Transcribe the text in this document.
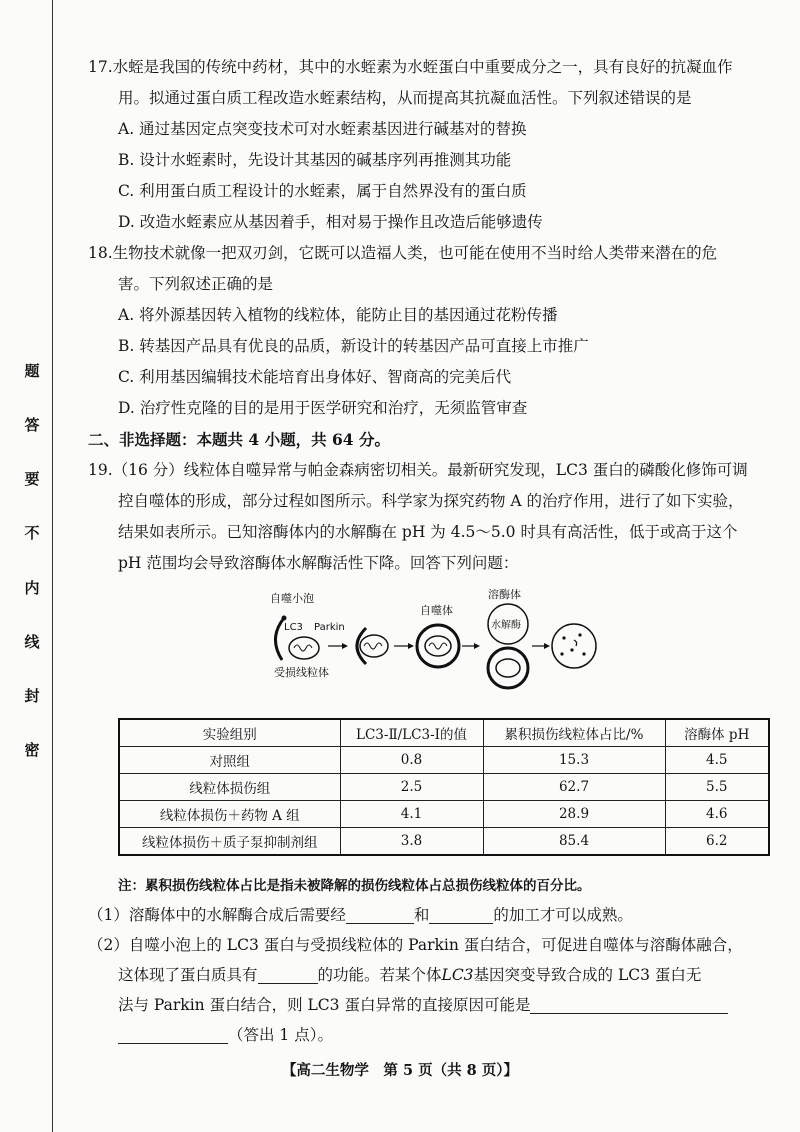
题
答
要
不
内
线
封
密
17.水蛭是我国的传统中药材，其中的水蛭素为水蛭蛋白中重要成分之一，具有良好的抗凝血作
用。拟通过蛋白质工程改造水蛭素结构，从而提高其抗凝血活性。下列叙述错误的是
A. 通过基因定点突变技术可对水蛭素基因进行碱基对的替换
B. 设计水蛭素时，先设计其基因的碱基序列再推测其功能
C. 利用蛋白质工程设计的水蛭素，属于自然界没有的蛋白质
D. 改造水蛭素应从基因着手，相对易于操作且改造后能够遗传
18.生物技术就像一把双刃剑，它既可以造福人类，也可能在使用不当时给人类带来潜在的危
害。下列叙述正确的是
A. 将外源基因转入植物的线粒体，能防止目的基因通过花粉传播
B. 转基因产品具有优良的品质，新设计的转基因产品可直接上市推广
C. 利用基因编辑技术能培育出身体好、智商高的完美后代
D. 治疗性克隆的目的是用于医学研究和治疗，无须监管审查
二、非选择题：本题共 4 小题，共 64 分。
19.（16 分）线粒体自噬异常与帕金森病密切相关。最新研究发现，LC3 蛋白的磷酸化修饰可调
控自噬体的形成，部分过程如图所示。科学家为探究药物 A 的治疗作用，进行了如下实验，
结果如表所示。已知溶酶体内的水解酶在 pH 为 4.5～5.0 时具有高活性，低于或高于这个
pH 范围均会导致溶酶体水解酶活性下降。回答下列问题：
自噬小泡
LC3 Parkin
受损线粒体
自噬体
溶酶体
水解酶
实验组别	LC3-Ⅱ/LC3-Ⅰ的值	累积损伤线粒体占比/%	溶酶体 pH
对照组	0.8	15.3	4.5
线粒体损伤组	2.5	62.7	5.5
线粒体损伤＋药物 A 组	4.1	28.9	4.6
线粒体损伤＋质子泵抑制剂组	3.8	85.4	6.2
注：累积损伤线粒体占比是指未被降解的损伤线粒体占总损伤线粒体的百分比。
（1）溶酶体中的水解酶合成后需要经	和	的加工才可以成熟。
（2）自噬小泡上的 LC3 蛋白与受损线粒体的 Parkin 蛋白结合，可促进自噬体与溶酶体融合，
这体现了蛋白质具有	的功能。若某个体LC3基因突变导致合成的 LC3 蛋白无
法与 Parkin 蛋白结合，则 LC3 蛋白异常的直接原因可能是
（答出 1 点）。
【高二生物学　第 5 页（共 8 页）】
